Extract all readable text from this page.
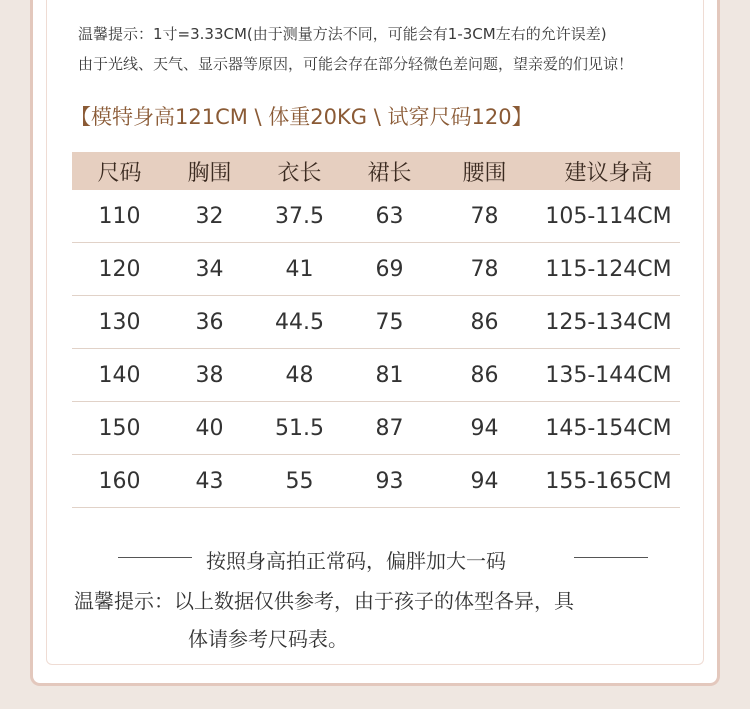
温馨提示：1寸=3.33CM(由于测量方法不同，可能会有1-3CM左右的允许误差)
由于光线、天气、显示器等原因，可能会存在部分轻微色差问题，望亲爱的们见谅！
【模特身高121CM \ 体重20KG \ 试穿尺码120】
尺码	胸围	衣长	裙长	腰围	建议身高
110	32	37.5	63	78	105-114CM
120	34	41	69	78	115-124CM
130	36	44.5	75	86	125-134CM
140	38	48	81	86	135-144CM
150	40	51.5	87	94	145-154CM
160	43	55	93	94	155-165CM
按照身高拍正常码，偏胖加大一码
温馨提示：以上数据仅供参考，由于孩子的体型各异，具
体请参考尺码表。
